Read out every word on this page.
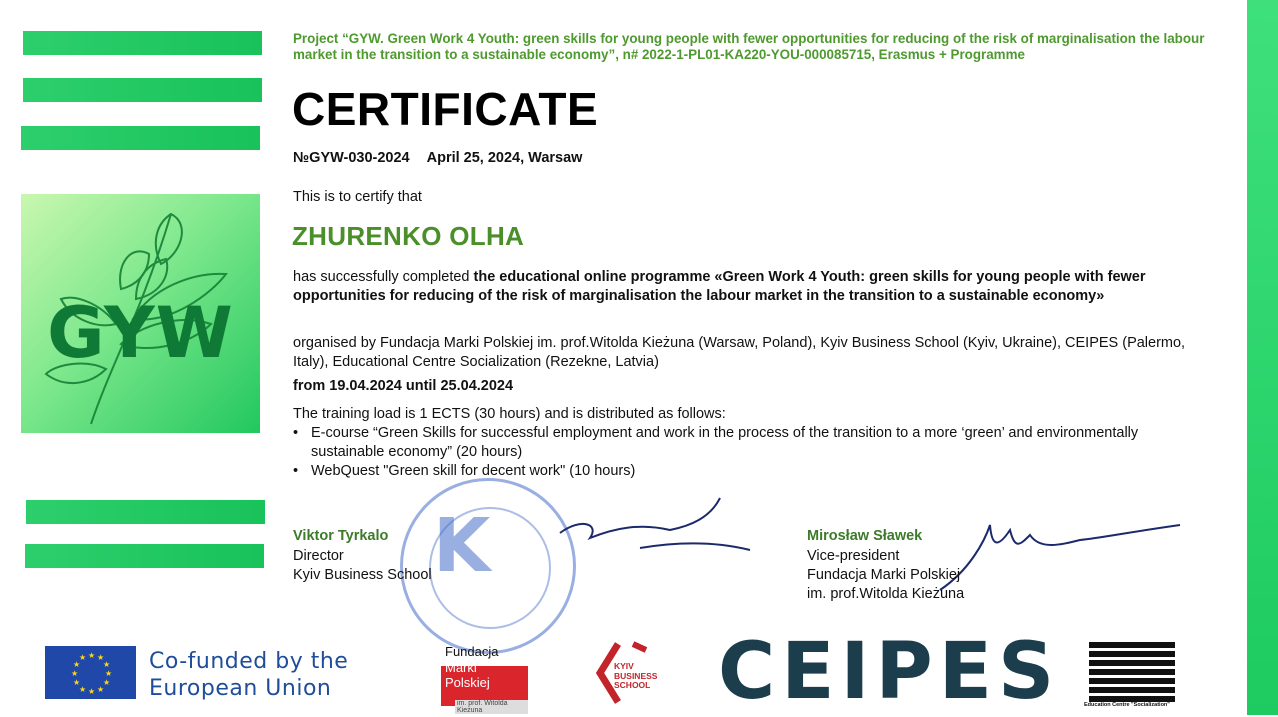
GYW
Project “GYW. Green Work 4 Youth: green skills for young people with fewer opportunities for reducing of the risk of marginalisation the labour market in the transition to a sustainable economy”, n# 2022-1-PL01-KA220-YOU-000085715, Erasmus + Programme
CERTIFICATE
№GYW-030-2024 April 25, 2024, Warsaw
This is to certify that
ZHURENKO OLHA
has successfully completed the educational online programme «Green Work 4 Youth: green skills for young people with fewer opportunities for reducing of the risk of marginalisation the labour market in the transition to a sustainable economy»
organised by Fundacja Marki Polskiej im. prof.Witolda Kieżuna (Warsaw, Poland), Kyiv Business School (Kyiv, Ukraine), CEIPES (Palermo, Italy), Educational Centre Socialization (Rezekne, Latvia)
from 19.04.2024 until 25.04.2024
The training load is 1 ECTS (30 hours) and is distributed as follows:
• E-course “Green Skills for successful employment and work in the process of the transition to a more ‘green’ and environmentally sustainable economy” (20 hours)
• WebQuest "Green skill for decent work" (10 hours)
K
Viktor Tyrkalo
Director
Kyiv Business School
Mirosław Sławek
Vice-president
Fundacja Marki Polskiej
im. prof.Witolda Kieżuna
★ ★
★
★
★
★
★
★
★
★
★
★	Co-funded by the
European Union
Fundacja
Marki
Polskiej
im. prof. Witolda Kieżuna
KYIV
BUSINESS
SCHOOL CEIPES	Education Centre "Socialization"
